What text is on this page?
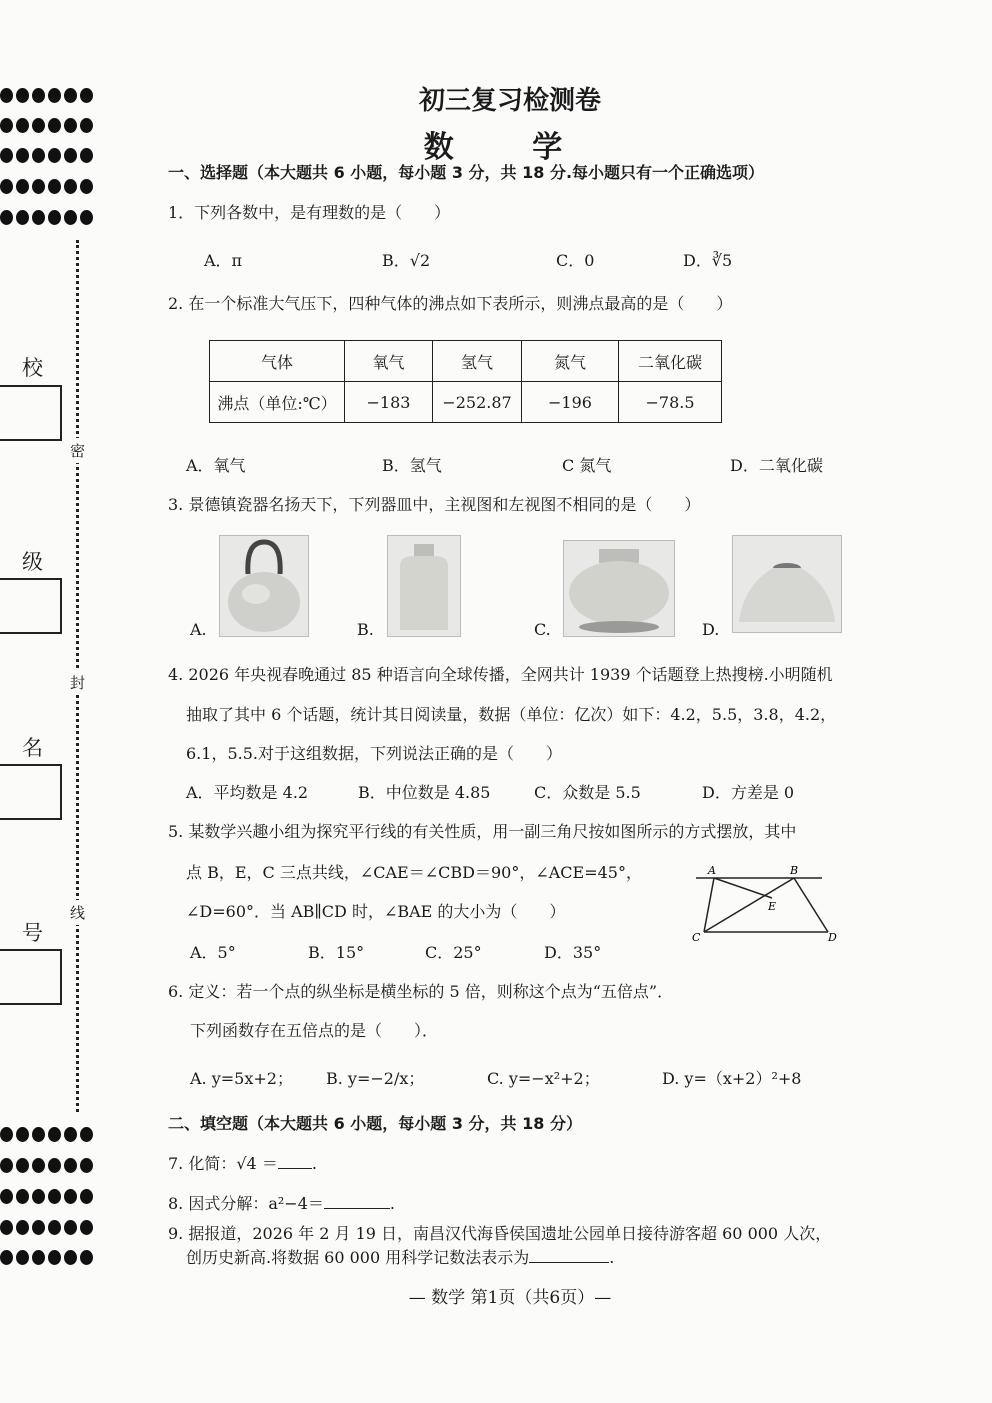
密
封
线
校
级
名
号
初三复习检测卷
数 学
一、选择题（本大题共 6 小题，每小题 3 分，共 18 分.每小题只有一个正确选项）
1．下列各数中，是有理数的是（　　）
A．π	B．√2	C．0	D．∛5
2. 在一个标准大气压下，四种气体的沸点如下表所示，则沸点最高的是（　　）
气体	氧气	氢气	氮气	二氧化碳
沸点（单位:℃）	−183	−252.87	−196	−78.5
A．氧气	B．氢气	C 氮气	D．二氧化碳
3. 景德镇瓷器名扬天下，下列器皿中，主视图和左视图不相同的是（　　）
A.	B.	C.	D.
4. 2026 年央视春晚通过 85 种语言向全球传播，全网共计 1939 个话题登上热搜榜.小明随机
抽取了其中 6 个话题，统计其日阅读量，数据（单位：亿次）如下：4.2，5.5，3.8，4.2，
6.1，5.5.对于这组数据，下列说法正确的是（　　）
A．平均数是 4.2	B．中位数是 4.85	C．众数是 5.5	D．方差是 0
5. 某数学兴趣小组为探究平行线的有关性质，用一副三角尺按如图所示的方式摆放，其中
点 B，E，C 三点共线，∠CAE＝∠CBD＝90°，∠ACE=45°，
∠D=60°．当 AB∥CD 时，∠BAE 的大小为（　　）
A．5°	B．15°	C．25°	D．35°
A	B
E
C	D
6. 定义：若一个点的纵坐标是横坐标的 5 倍，则称这个点为“五倍点”．
下列函数存在五倍点的是（　　）．
A. y=5x+2； B. y=−2/x；	C. y=−x²+2；	D. y=（x+2）²+8
二、填空题（本大题共 6 小题，每小题 3 分，共 18 分）
7. 化简：√4 ＝ .
8. 因式分解：a²−4＝	.
9. 据报道，2026 年 2 月 19 日，南昌汉代海昏侯国遗址公园单日接待游客超 60 000 人次，
创历史新高.将数据 60 000 用科学记数法表示为	.
— 数学 第1页（共6页）—
